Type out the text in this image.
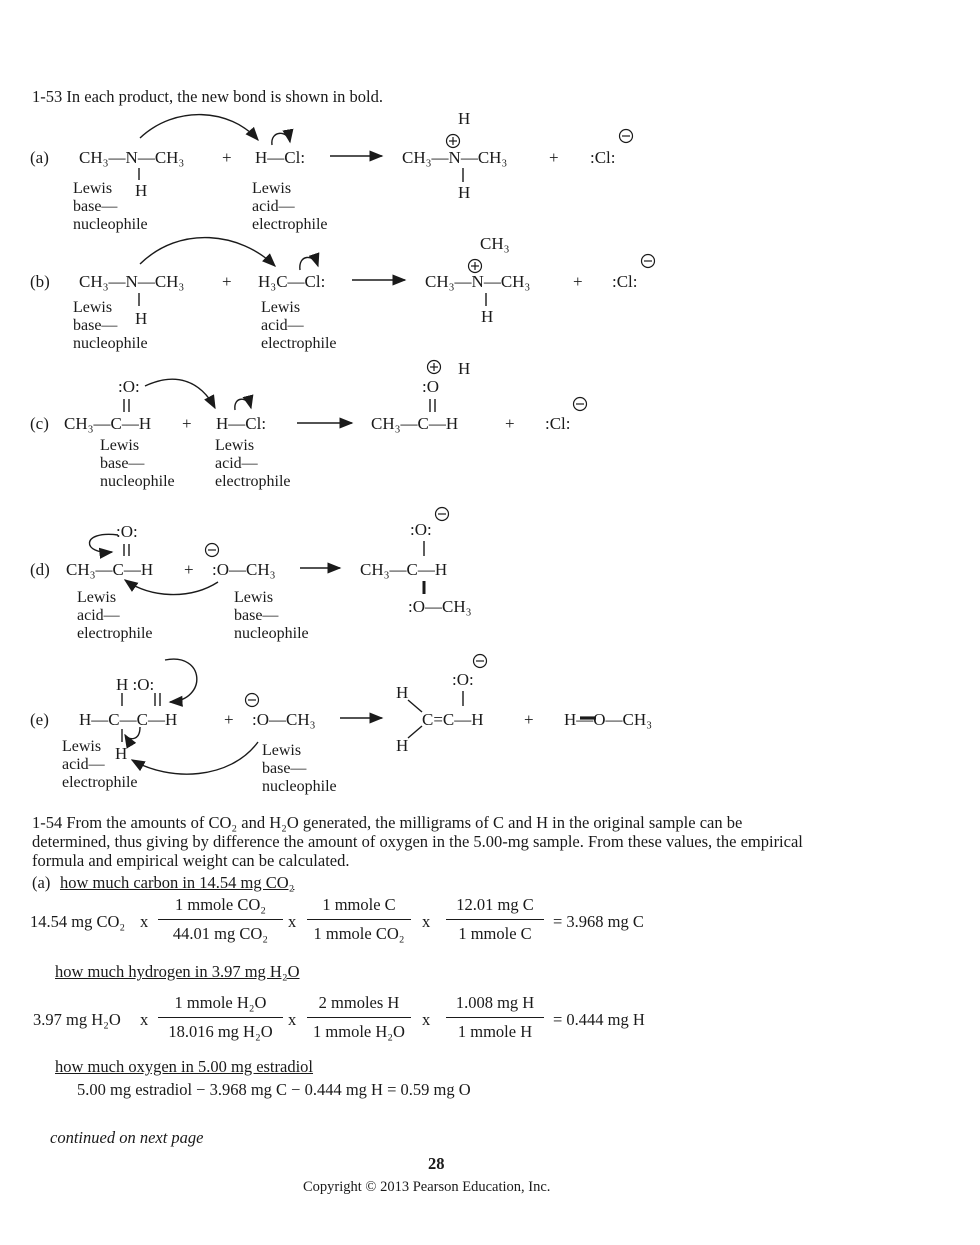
1-53 In each product, the new bond is shown in bold.
(a) CH₃—N—CH₃
H
+ H—Cl:
H
CH₃—N—CH₃
H
+ :Cl:
Lewis
base—
nucleophile
Lewis
acid—
electrophile
(b) CH₃—N—CH₃
H
+ H₃C—Cl:
CH₃
CH₃—N—CH₃
H
+ :Cl:
Lewis
base—
nucleophile
Lewis
acid—
electrophile
:O:
(c) CH₃—C—H + H—Cl:
:O
H
CH₃—C—H	+ :Cl:
Lewis
base—
nucleophile
Lewis
acid—
electrophile
:O:
(d) CH₃—C—H + :O—CH₃
:O:
CH₃—C—H
:O—CH₃
Lewis
acid—
electrophile
Lewis
base—
nucleophile
H :O:
(e) H—C—C—H
H
+ :O—CH₃
:O:
H
H
C=C—H + H—O—CH₃
Lewis
acid—
electrophile
Lewis
base—
nucleophile
1-54 From the amounts of CO₂ and H₂O generated, the milligrams of C and H in the original sample can be determined, thus giving by difference the amount of oxygen in the 5.00-mg sample. From these values, the empirical formula and empirical weight can be calculated.
(a) how much carbon in 14.54 mg CO₂
14.54 mg CO₂ x
1 mmole CO₂
44.01 mg CO₂
x
1 mmole C
1 mmole CO₂
x
12.01 mg C
1 mmole C
= 3.968 mg C
how much hydrogen in 3.97 mg H₂O
3.97 mg H₂O x
1 mmole H₂O
18.016 mg H₂O
x
2 mmoles H
1 mmole H₂O
x
1.008 mg H
1 mmole H
= 0.444 mg H
how much oxygen in 5.00 mg estradiol
5.00 mg estradiol − 3.968 mg C − 0.444 mg H = 0.59 mg O
continued on next page
28
Copyright © 2013 Pearson Education, Inc.
